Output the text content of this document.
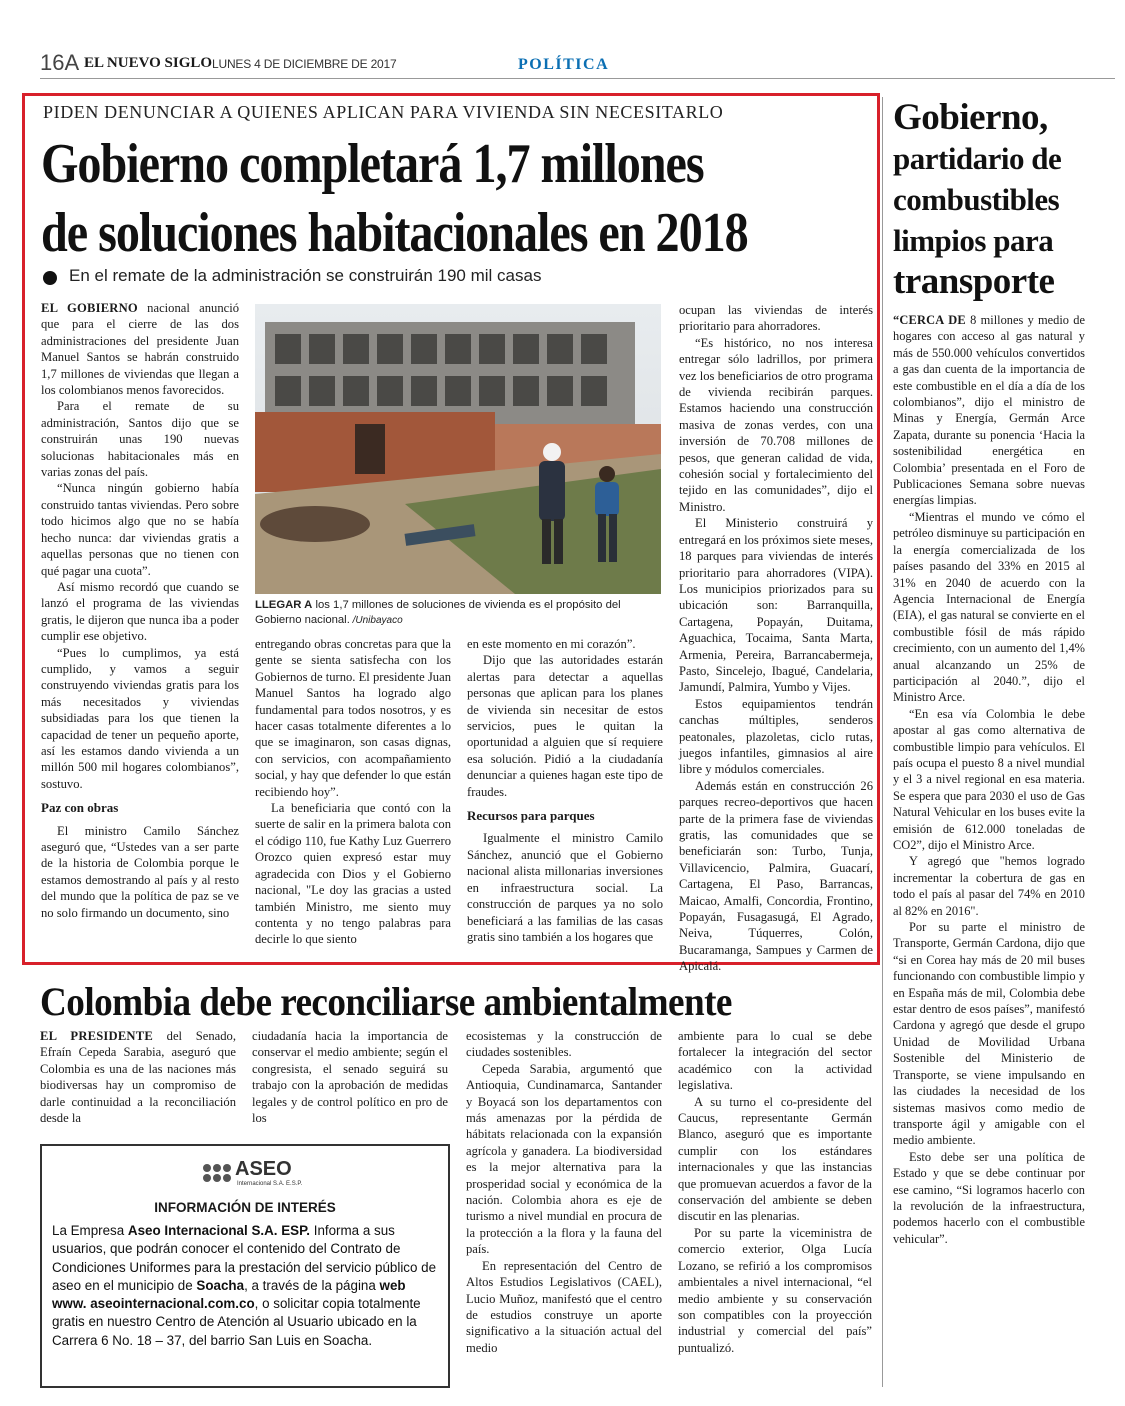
16A EL NUEVO SIGLO LUNES 4 DE DICIEMBRE DE 2017	POLÍTICA
PIDEN DENUNCIAR A QUIENES APLICAN PARA VIVIENDA SIN NECESITARLO
Gobierno completará 1,7 millones
de soluciones habitacionales en 2018
En el remate de la administración se construirán 190 mil casas

EL GOBIERNO nacional anunció que para el cierre de las dos administraciones del presidente Juan Manuel Santos se habrán construido 1,7 millones de viviendas que llegan a los colombianos menos favorecidos.

Para el remate de su administración, Santos dijo que se construirán unas 190 nuevas solucionas habitacionales más en varias zonas del país.

“Nunca ningún gobierno había construido tantas viviendas. Pero sobre todo hicimos algo que no se había hecho nunca: dar viviendas gratis a aquellas personas que no tienen con qué pagar una cuota”.

Así mismo recordó que cuando se lanzó el programa de las viviendas gratis, le dijeron que nunca iba a poder cumplir ese objetivo.

“Pues lo cumplimos, ya está cumplido, y vamos a seguir construyendo viviendas gratis para los más necesitados y viviendas subsidiadas para los que tienen la capacidad de tener un pequeño aporte, así les estamos dando vivienda a un millón 500 mil hogares colombianos”, sostuvo.

Paz con obras

El ministro Camilo Sánchez aseguró que, “Ustedes van a ser parte de la historia de Colombia porque le estamos demostrando al país y al resto del mundo que la política de paz se ve no solo firmando un documento, sino

LLEGAR A los 1,7 millones de soluciones de vivienda es el propósito del Gobierno nacional. /Unibayaco

entregando obras concretas para que la gente se sienta satisfecha con los Gobiernos de turno. El presidente Juan Manuel Santos ha logrado algo fundamental para todos nosotros, y es hacer casas totalmente diferentes a lo que se imaginaron, son casas dignas, con servicios, con acompañamiento social, y hay que defender lo que están recibiendo hoy”.

La beneficiaria que contó con la suerte de salir en la primera balota con el código 110, fue Kathy Luz Guerrero Orozco quien expresó estar muy agradecida con Dios y el Gobierno nacional, "Le doy las gracias a usted también Ministro, me siento muy contenta y no tengo palabras para decirle lo que siento

en este momento en mi corazón”.

Dijo que las autoridades estarán alertas para detectar a aquellas personas que aplican para los planes de vivienda sin necesitar de estos servicios, pues le quitan la oportunidad a alguien que sí requiere esa solución. Pidió a la ciudadanía denunciar a quienes hagan este tipo de fraudes.

Recursos para parques

Igualmente el ministro Camilo Sánchez, anunció que el Gobierno nacional alista millonarias inversiones en infraestructura social. La construcción de parques ya no solo beneficiará a las familias de las casas gratis sino también a los hogares que

ocupan las viviendas de interés prioritario para ahorradores.

“Es histórico, no nos interesa entregar sólo ladrillos, por primera vez los beneficiarios de otro programa de vivienda recibirán parques. Estamos haciendo una construcción masiva de zonas verdes, con una inversión de 70.708 millones de pesos, que generan calidad de vida, cohesión social y fortalecimiento del tejido en las comunidades”, dijo el Ministro.

El Ministerio construirá y entregará en los próximos siete meses, 18 parques para viviendas de interés prioritario para ahorradores (VIPA). Los municipios priorizados para su ubicación son: Barranquilla, Cartagena, Popayán, Duitama, Aguachica, Tocaima, Santa Marta, Armenia, Pereira, Barrancabermeja, Pasto, Sincelejo, Ibagué, Candelaria, Jamundí, Palmira, Yumbo y Vijes.

Estos equipamientos tendrán canchas múltiples, senderos peatonales, plazoletas, ciclo rutas, juegos infantiles, gimnasios al aire libre y módulos comerciales.

Además están en construcción 26 parques recreo-deportivos que hacen parte de la primera fase de viviendas gratis, las comunidades que se beneficiarán son: Turbo, Tunja, Villavicencio, Palmira, Guacarí, Cartagena, El Paso, Barrancas, Maicao, Amalfi, Concordia, Frontino, Popayán, Fusagasugá, El Agrado, Neiva, Túquerres, Colón, Bucaramanga, Sampues y Carmen de Apicalá.

Gobierno,
partidario de
combustibles
limpios para
transporte

“CERCA DE 8 millones y medio de hogares con acceso al gas natural y más de 550.000 vehículos convertidos a gas dan cuenta de la importancia de este combustible en el día a día de los colombianos”, dijo el ministro de Minas y Energía, Germán Arce Zapata, durante su ponencia ‘Hacia la sostenibilidad energética en Colombia’ presentada en el Foro de Publicaciones Semana sobre nuevas energías limpias.

“Mientras el mundo ve cómo el petróleo disminuye su participación en la energía comercializada de los países pasando del 33% en 2015 al 31% en 2040 de acuerdo con la Agencia Internacional de Energía (EIA), el gas natural se convierte en el combustible fósil de más rápido crecimiento, con un aumento del 1,4% anual alcanzando un 25% de participación al 2040.”, dijo el Ministro Arce.

“En esa vía Colombia le debe apostar al gas como alternativa de combustible limpio para vehículos. El país ocupa el puesto 8 a nivel mundial y el 3 a nivel regional en esa materia. Se espera que para 2030 el uso de Gas Natural Vehicular en los buses evite la emisión de 612.000 toneladas de CO2”, dijo el Ministro Arce.

Y agregó que "hemos logrado incrementar la cobertura de gas en todo el país al pasar del 74% en 2010 al 82% en 2016".

Por su parte el ministro de Transporte, Germán Cardona, dijo que “si en Corea hay más de 20 mil buses funcionando con combustible limpio y en España más de mil, Colombia debe estar dentro de esos países”, manifestó Cardona y agregó que desde el grupo Unidad de Movilidad Urbana Sostenible del Ministerio de Transporte, se viene impulsando en las ciudades la necesidad de los sistemas masivos como medio de transporte ágil y amigable con el medio ambiente.

Esto debe ser una política de Estado y que se debe continuar por ese camino, “Si logramos hacerlo con la revolución de la infraestructura, podemos hacerlo con el combustible vehicular”.

Colombia debe reconciliarse ambientalmente

EL PRESIDENTE del Senado, Efraín Cepeda Sarabia, aseguró que Colombia es una de las naciones más biodiversas hay un compromiso de darle continuidad a la reconciliación desde la

ciudadanía hacia la importancia de conservar el medio ambiente; según el congresista, el senado seguirá su trabajo con la aprobación de medidas legales y de control político en pro de los

ecosistemas y la construcción de ciudades sostenibles.

Cepeda Sarabia, argumentó que Antioquia, Cundinamarca, Santander y Boyacá son los departamentos con más amenazas por la pérdida de hábitats relacionada con la expansión agrícola y ganadera. La biodiversidad es la mejor alternativa para la prosperidad social y económica de la nación. Colombia ahora es eje de turismo a nivel mundial en procura de la protección a la flora y la fauna del país.

En representación del Centro de Altos Estudios Legislativos (CAEL), Lucio Muñoz, manifestó que el centro de estudios construye un aporte significativo a la situación actual del medio

ambiente para lo cual se debe fortalecer la integración del sector académico con la actividad legislativa.

A su turno el co-presidente del Caucus, representante Germán Blanco, aseguró que es importante cumplir con los estándares internacionales y que las instancias que promuevan acuerdos a favor de la conservación del ambiente se deben discutir en las plenarias.

Por su parte la viceministra de comercio exterior, Olga Lucía Lozano, se refirió a los compromisos ambientales a nivel internacional, “el medio ambiente y su conservación son compatibles con la proyección industrial y comercial del país” puntualizó.

ASEO
Internacional S.A. E.S.P.
INFORMACIÓN DE INTERÉS
La Empresa Aseo Internacional S.A. ESP. Informa a sus usuarios, que podrán conocer el contenido del Contrato de Condiciones Uniformes para la prestación del servicio público de aseo en el municipio de Soacha, a través de la página web www. aseointernacional.com.co, o solicitar copia totalmente gratis en nuestro Centro de Atención al Usuario ubicado en la Carrera 6 No. 18 – 37, del barrio San Luis en Soacha.
